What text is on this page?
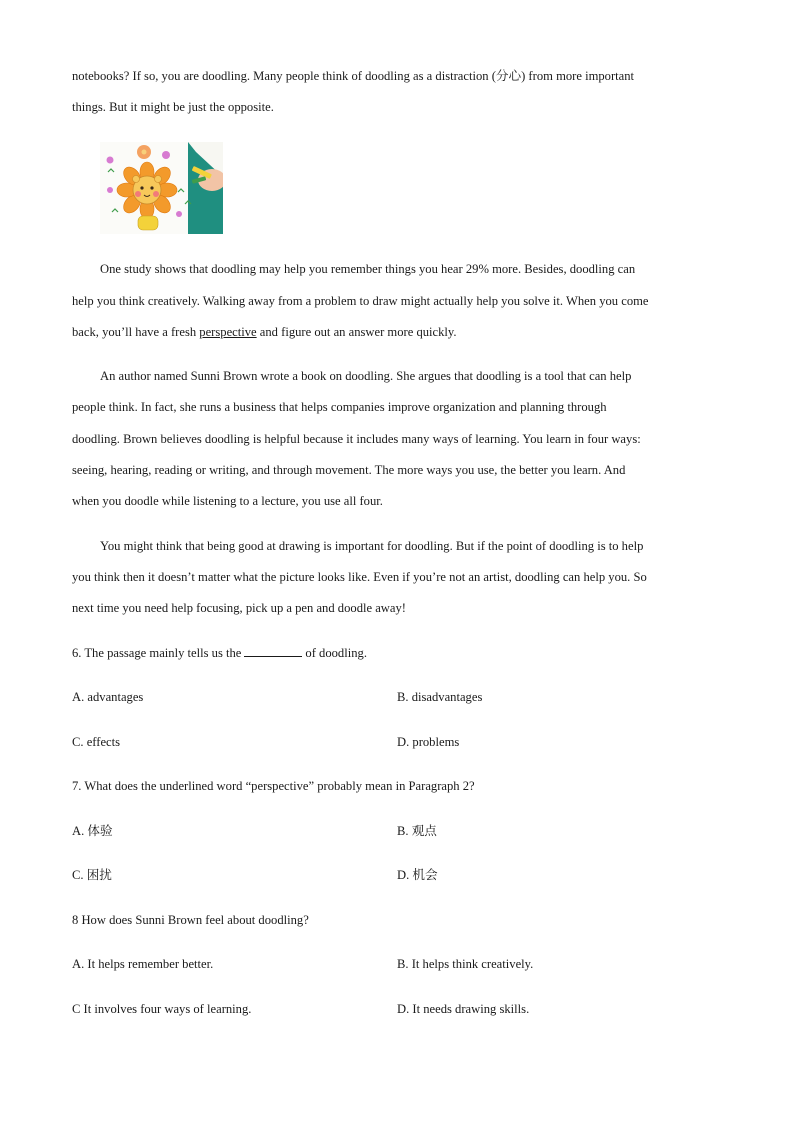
notebooks? If so, you are doodling. Many people think of doodling as a distraction (分心) from more important
things. But it might be just the opposite.
One study shows that doodling may help you remember things you hear 29% more. Besides, doodling can
help you think creatively. Walking away from a problem to draw might actually help you solve it. When you come
back, you’ll have a fresh perspective and figure out an answer more quickly.
An author named Sunni Brown wrote a book on doodling. She argues that doodling is a tool that can help
people think. In fact, she runs a business that helps companies improve organization and planning through
doodling. Brown believes doodling is helpful because it includes many ways of learning. You learn in four ways:
seeing, hearing, reading or writing, and through movement. The more ways you use, the better you learn. And
when you doodle while listening to a lecture, you use all four.
You might think that being good at drawing is important for doodling. But if the point of doodling is to help
you think then it doesn’t matter what the picture looks like. Even if you’re not an artist, doodling can help you. So
next time you need help focusing, pick up a pen and doodle away!
6. The passage mainly tells us the	of doodling.
A. advantages	B. disadvantages
C. effects	D. problems
7. What does the underlined word “perspective” probably mean in Paragraph 2?
A. 体验	B. 观点
C. 困扰	D. 机会
8 How does Sunni Brown feel about doodling?
A. It helps remember better.	B. It helps think creatively.
C It involves four ways of learning.	D. It needs drawing skills.
